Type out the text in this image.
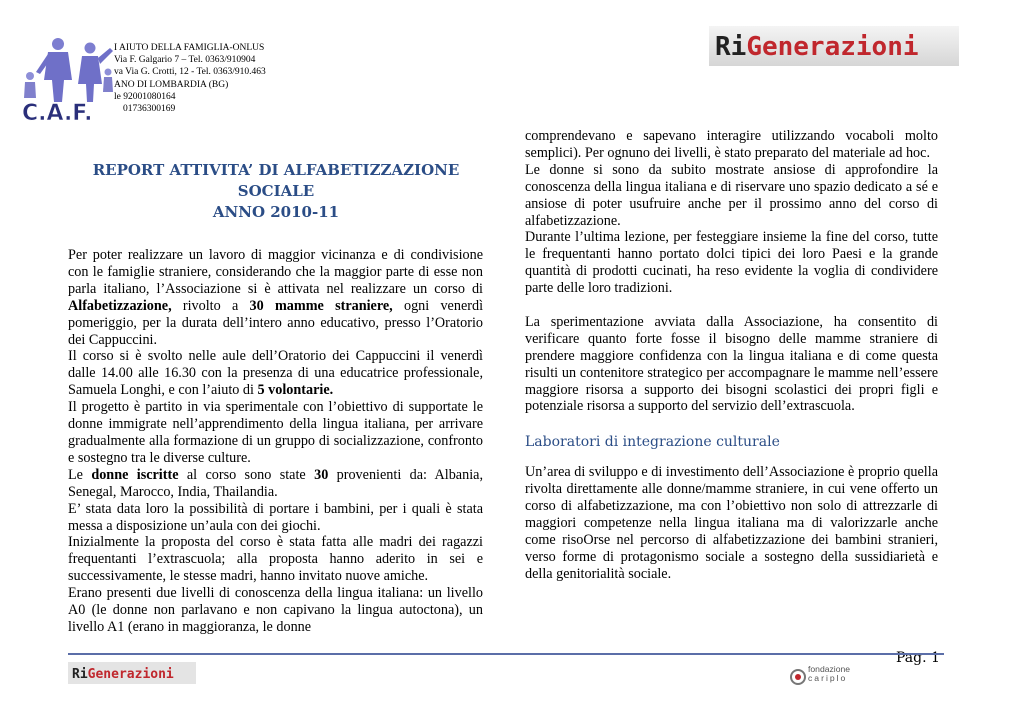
C.A.F.
I AIUTO DELLA FAMIGLIA-ONLUS
Via F. Galgario 7 – Tel. 0363/910904
va Via G. Crotti, 12 - Tel. 0363/910.463
ANO DI LOMBARDIA (BG)
le 92001080164
01736300169
RiGenerazioni
REPORT ATTIVITA’ DI ALFABETIZZAZIONE SOCIALE
ANNO 2010-11

Per poter realizzare un lavoro di maggior vicinanza e di condivisione con le famiglie straniere, considerando che la maggior parte di esse non parla italiano, l’Associazione si è attivata nel realizzare un corso di Alfabetizzazione, rivolto a 30 mamme straniere, ogni venerdì pomeriggio, per la durata dell’intero anno educativo, presso l’Oratorio dei Cappuccini.

Il corso si è svolto nelle aule dell’Oratorio dei Cappuccini il venerdì dalle 14.00 alle 16.30 con la presenza di una educatrice professionale, Samuela Longhi, e con l’aiuto di 5 volontarie.

Il progetto è partito in via sperimentale con l’obiettivo di supportate le donne immigrate nell’apprendimento della lingua italiana, per arrivare gradualmente alla formazione di un gruppo di socializzazione, confronto e sostegno tra le diverse culture.

Le donne iscritte al corso sono state 30 provenienti da: Albania, Senegal, Marocco, India, Thailandia.

E’ stata data loro la possibilità di portare i bambini, per i quali è stata messa a disposizione un’aula con dei giochi.

Inizialmente la proposta del corso è stata fatta alle madri dei ragazzi frequentanti l’extrascuola; alla proposta hanno aderito in sei e successivamente, le stesse madri, hanno invitato nuove amiche.

Erano presenti due livelli di conoscenza della lingua italiana: un livello A0 (le donne non parlavano e non capivano la lingua autoctona), un livello A1 (erano in maggioranza, le donne

comprendevano e sapevano interagire utilizzando vocaboli molto semplici). Per ognuno dei livelli, è stato preparato del materiale ad hoc.

Le donne si sono da subito mostrate ansiose di approfondire la conoscenza della lingua italiana e di riservare uno spazio dedicato a sé e ansiose di poter usufruire anche per il prossimo anno del corso di alfabetizzazione.

Durante l’ultima lezione, per festeggiare insieme la fine del corso, tutte le frequentanti hanno portato dolci tipici dei loro Paesi e la grande quantità di prodotti cucinati, ha reso evidente la voglia di condividere parte delle loro tradizioni.

La sperimentazione avviata dalla Associazione, ha consentito di verificare quanto forte fosse il bisogno delle mamme straniere di prendere maggiore confidenza con la lingua italiana e di come questa risulti un contenitore strategico per accompagnare le mamme nell’essere maggiore risorsa a supporto dei bisogni scolastici dei propri figli e potenziale risorsa a supporto del servizio dell’extrascuola.

Laboratori di integrazione culturale

Un’area di sviluppo e di investimento dell’Associazione è proprio quella rivolta direttamente alle donne/mamme straniere, in cui vene offerto un corso di alfabetizzazione, ma con l’obiettivo non solo di attrezzarle di maggiori competenze nella lingua italiana ma di valorizzarle anche come risoOrse nel percorso di alfabetizzazione dei bambini stranieri, verso forme di protagonismo sociale a sostegno della sussidiarietà e della genitorialità sociale.

Pag. 1
RiGenerazioni	fondazione
cariplo
